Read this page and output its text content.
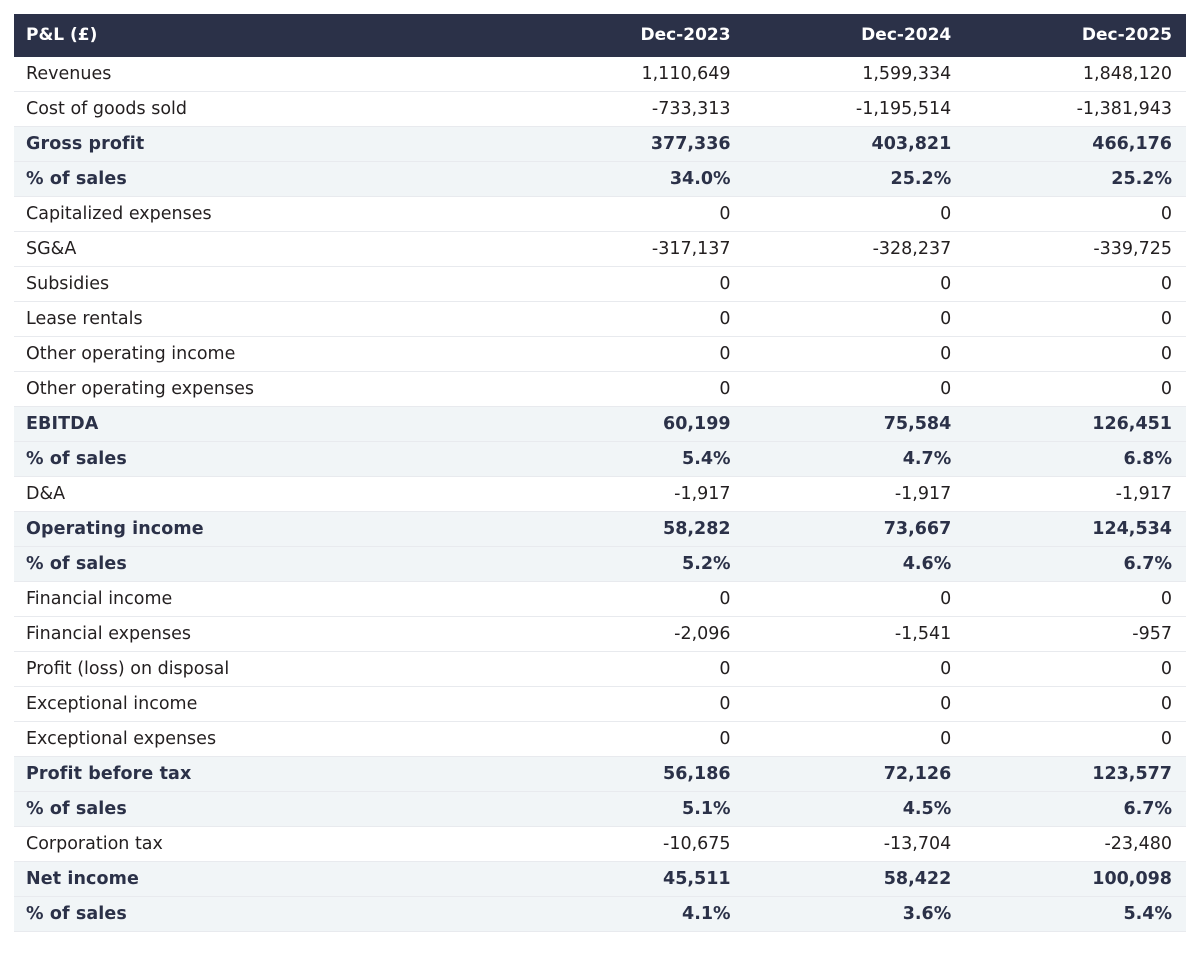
P&L (£)	Dec-2023	Dec-2024	Dec-2025
Revenues	1,110,649	1,599,334	1,848,120
Cost of goods sold	-733,313	-1,195,514	-1,381,943
Gross profit	377,336	403,821	466,176
% of sales	34.0%	25.2%	25.2%
Capitalized expenses	0	0	0
SG&A	-317,137	-328,237	-339,725
Subsidies	0	0	0
Lease rentals	0	0	0
Other operating income	0	0	0
Other operating expenses	0	0	0
EBITDA	60,199	75,584	126,451
% of sales	5.4%	4.7%	6.8%
D&A	-1,917	-1,917	-1,917
Operating income	58,282	73,667	124,534
% of sales	5.2%	4.6%	6.7%
Financial income	0	0	0
Financial expenses	-2,096	-1,541	-957
Profit (loss) on disposal	0	0	0
Exceptional income	0	0	0
Exceptional expenses	0	0	0
Profit before tax	56,186	72,126	123,577
% of sales	5.1%	4.5%	6.7%
Corporation tax	-10,675	-13,704	-23,480
Net income	45,511	58,422	100,098
% of sales	4.1%	3.6%	5.4%
